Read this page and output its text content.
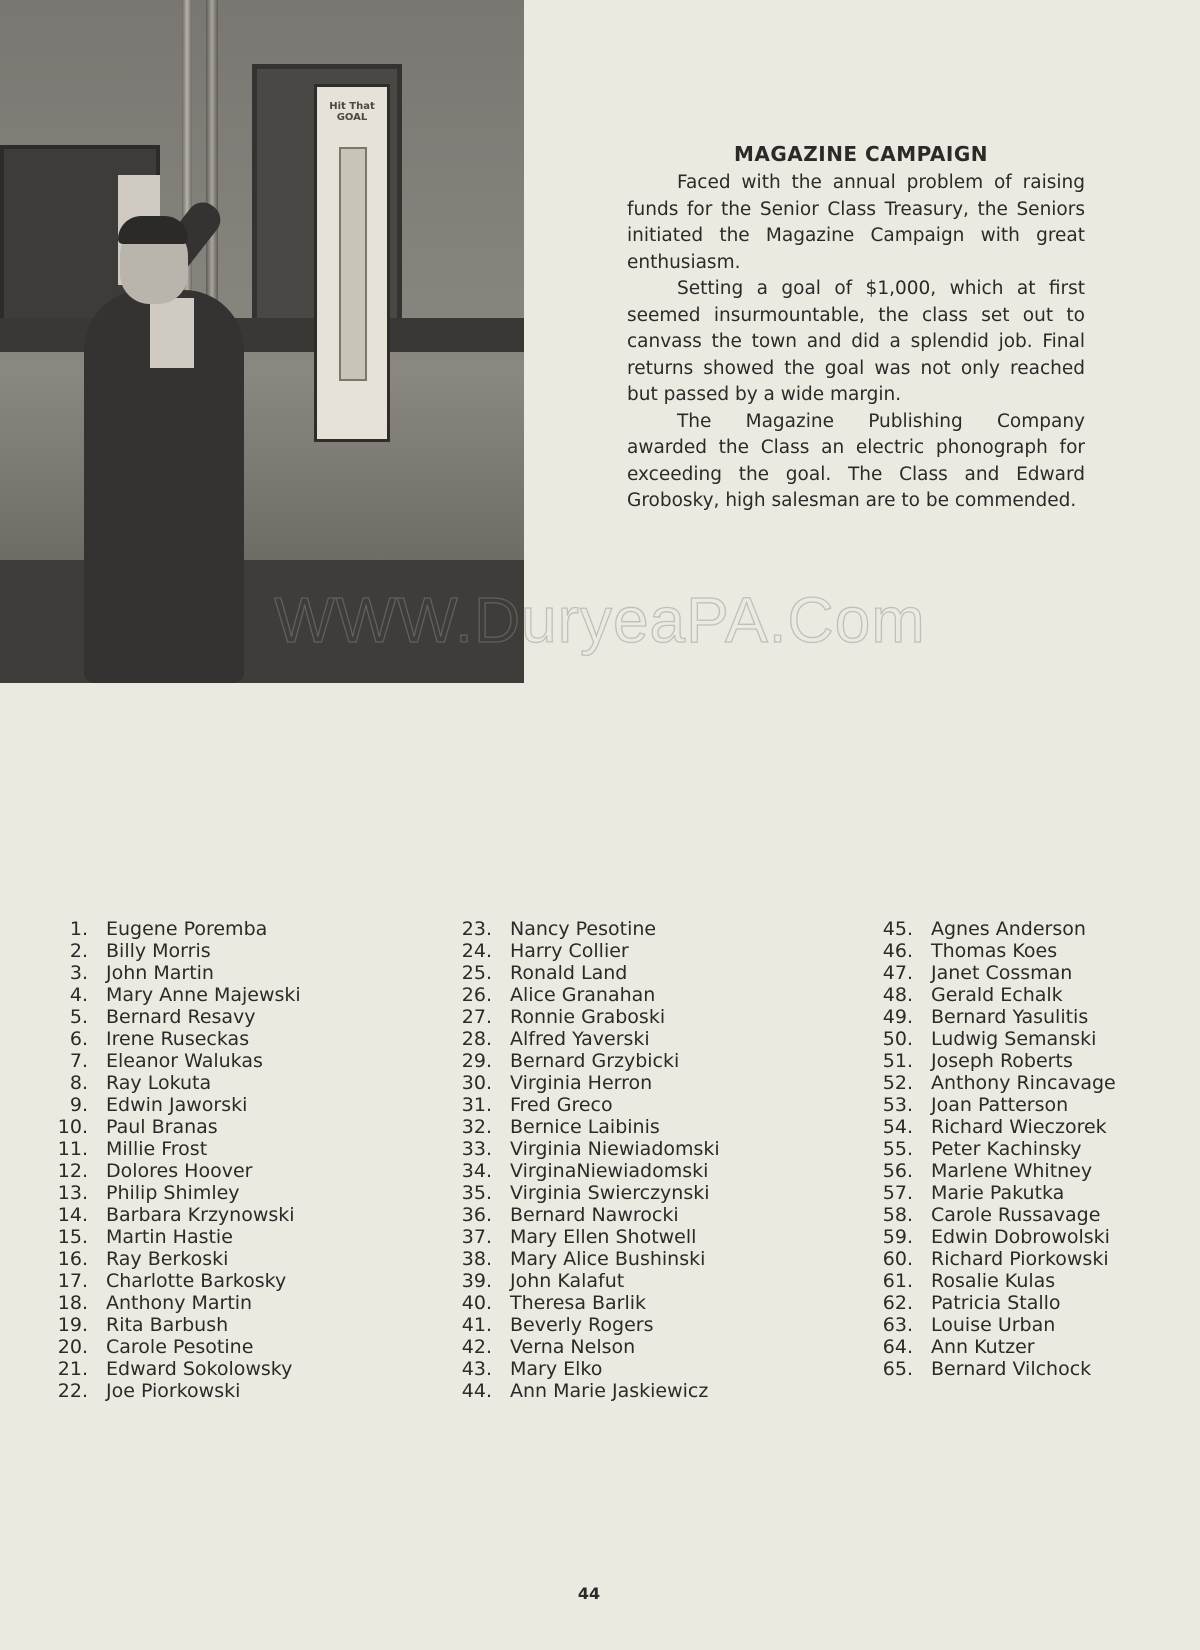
Hit That GOAL
WWW.DuryeaPA.Com
MAGAZINE CAMPAIGN

Faced with the annual problem of raising funds for the Senior Class Treasury, the Seniors initiated the Magazine Campaign with great enthusiasm.

Setting a goal of $1,000, which at first seemed insurmountable, the class set out to canvass the town and did a splendid job. Final returns showed the goal was not only reached but passed by a wide margin.

The Magazine Publishing Company awarded the Class an electric phonograph for exceeding the goal. The Class and Edward Grobosky, high salesman are to be commended.

1. Eugene Poremba
2. Billy Morris
3. John Martin
4. Mary Anne Majewski
5. Bernard Resavy
6. Irene Ruseckas
7. Eleanor Walukas
8. Ray Lokuta
9. Edwin Jaworski
10. Paul Branas
11. Millie Frost
12. Dolores Hoover
13. Philip Shimley
14. Barbara Krzynowski
15. Martin Hastie
16. Ray Berkoski
17. Charlotte Barkosky
18. Anthony Martin
19. Rita Barbush
20. Carole Pesotine
21. Edward Sokolowsky
22. Joe Piorkowski
23. Nancy Pesotine
24. Harry Collier
25. Ronald Land
26. Alice Granahan
27. Ronnie Graboski
28. Alfred Yaverski
29. Bernard Grzybicki
30. Virginia Herron
31. Fred Greco
32. Bernice Laibinis
33. Virginia Niewiadomski
34. VirginaNiewiadomski
35. Virginia Swierczynski
36. Bernard Nawrocki
37. Mary Ellen Shotwell
38. Mary Alice Bushinski
39. John Kalafut
40. Theresa Barlik
41. Beverly Rogers
42. Verna Nelson
43. Mary Elko
44. Ann Marie Jaskiewicz
45. Agnes Anderson
46. Thomas Koes
47. Janet Cossman
48. Gerald Echalk
49. Bernard Yasulitis
50. Ludwig Semanski
51. Joseph Roberts
52. Anthony Rincavage
53. Joan Patterson
54. Richard Wieczorek
55. Peter Kachinsky
56. Marlene Whitney
57. Marie Pakutka
58. Carole Russavage
59. Edwin Dobrowolski
60. Richard Piorkowski
61. Rosalie Kulas
62. Patricia Stallo
63. Louise Urban
64. Ann Kutzer
65. Bernard Vilchock
44
